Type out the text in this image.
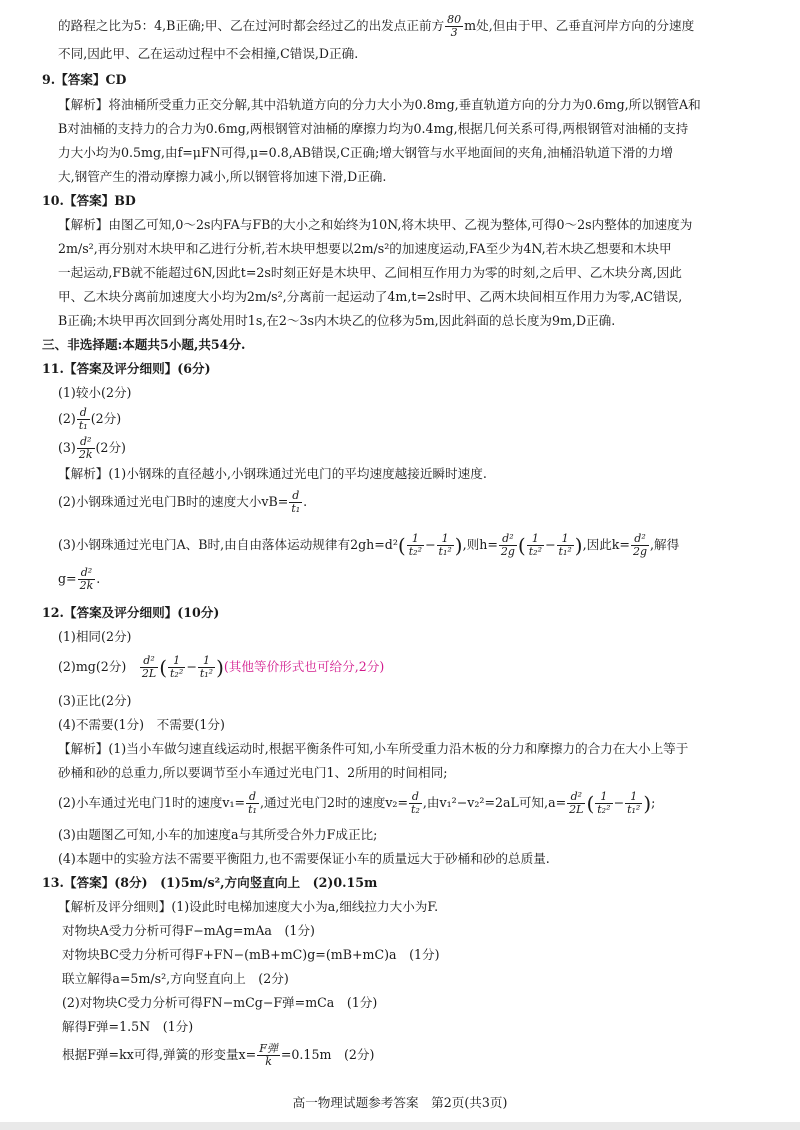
的路程之比为5：4,B正确;甲、乙在过河时都会经过乙的出发点正前方 $\frac{80}{3}$ m处,但由于甲、乙垂直河岸方向的分速度
不同,因此甲、乙在运动过程中不会相撞,C错误,D正确.
9.【答案】CD
【解析】将油桶所受重力正交分解,其中沿轨道方向的分力大小为0.8mg,垂直轨道方向的分力为0.6mg,所以钢管A和
B对油桶的支持力的合力为0.6mg,两根钢管对油桶的摩擦力均为0.4mg,根据几何关系可得,两根钢管对油桶的支持
力大小均为0.5mg,由f=μFN可得,μ=0.8,AB错误,C正确;增大钢管与水平地面间的夹角,油桶沿轨道下滑的力增
大,钢管产生的滑动摩擦力减小,所以钢管将加速下滑,D正确.
10.【答案】BD
【解析】由图乙可知,0～2s内FA与FB的大小之和始终为10N,将木块甲、乙视为整体,可得0～2s内整体的加速度为
2m/s²,再分别对木块甲和乙进行分析,若木块甲想要以2m/s²的加速度运动,FA至少为4N,若木块乙想要和木块甲
一起运动,FB就不能超过6N,因此t=2s时刻正好是木块甲、乙间相互作用力为零的时刻,之后甲、乙木块分离,因此
甲、乙木块分离前加速度大小均为2m/s²,分离前一起运动了4m,t=2s时甲、乙两木块间相互作用力为零,AC错误,
B正确;木块甲再次回到分离处用时1s,在2～3s内木块乙的位移为5m,因此斜面的总长度为9m,D正确.
三、非选择题:本题共5小题,共54分.
11.【答案及评分细则】(6分)
(1)较小(2分)
$(2) \frac{d}{\text{t₁}} (2$分)
$(3) \frac{\text{d²}}{2k} (2$分)
【解析】(1)小钢珠的直径越小,小钢珠通过光电门的平均速度越接近瞬时速度.
(2)小钢珠通过光电门B时的速度大小$vB= \frac{d}{\text{t₁}}$ .
(3)小钢珠通过光电门A、B时,由自由落体运动规律有$2gh=d^2( \frac{1}{\text{t₂²}} - \frac{1}{\text{t₁²}}$ ),则$h= \frac{\text{d²}}{2g}$ ( $\frac{1}{\text{t₂²}} - \frac{1}{\text{t₁²}}$ ),因此$k= \frac{\text{d²}}{2g}$ ,解得
$g= \frac{\text{d²}}{2k}$ .
12.【答案及评分细则】(10分)
(1)相同(2分)
(2)mg(2分)　 $\frac{\text{d²}}{2L}$ ( $\frac{1}{\text{t₂²}} - \frac{1}{\text{t₁²}}$ )(其他等价形式也可给分,2分)
(3)正比(2分)
(4)不需要(1分)　不需要(1分)
【解析】(1)当小车做匀速直线运动时,根据平衡条件可知,小车所受重力沿木板的分力和摩擦力的合力在大小上等于
砂桶和砂的总重力,所以要调节至小车通过光电门1、2所用的时间相同;
(2)小车通过光电门1时的速度$v_1= \frac{d}{\text{t₁}}$ ,通过光电门2时的速度$v_2= \frac{d}{\text{t₂}}$ ,由v₁²−v₂²=2aL可知$,a= \frac{\text{d²}}{2L}$ ( $\frac{1}{\text{t₂²}} - \frac{1}{\text{t₁²}}$ );
(3)由题图乙可知,小车的加速度a与其所受合外力F成正比;
(4)本题中的实验方法不需要平衡阻力,也不需要保证小车的质量远大于砂桶和砂的总质量.
13.【答案】(8分)　(1)5m/s²,方向竖直向上　(2)0.15m
【解析及评分细则】(1)设此时电梯加速度大小为a,细线拉力大小为F.
对物块A受力分析可得F−mAg=mAa　(1分)
对物块BC受力分析可得F+FN−(mB+mC)g=(mB+mC)a　(1分)
联立解得a=5m/s²,方向竖直向上　(2分)
(2)对物块C受力分析可得FN−mCg−F弹=mCa　(1分)
解得F弹=1.5N　(1分)
根据F弹=kx可得,弹簧的形变量$x= \frac{\text{F弹}}{k} =0.15m$　(2分)
高一物理试题参考答案　第2页(共3页)
